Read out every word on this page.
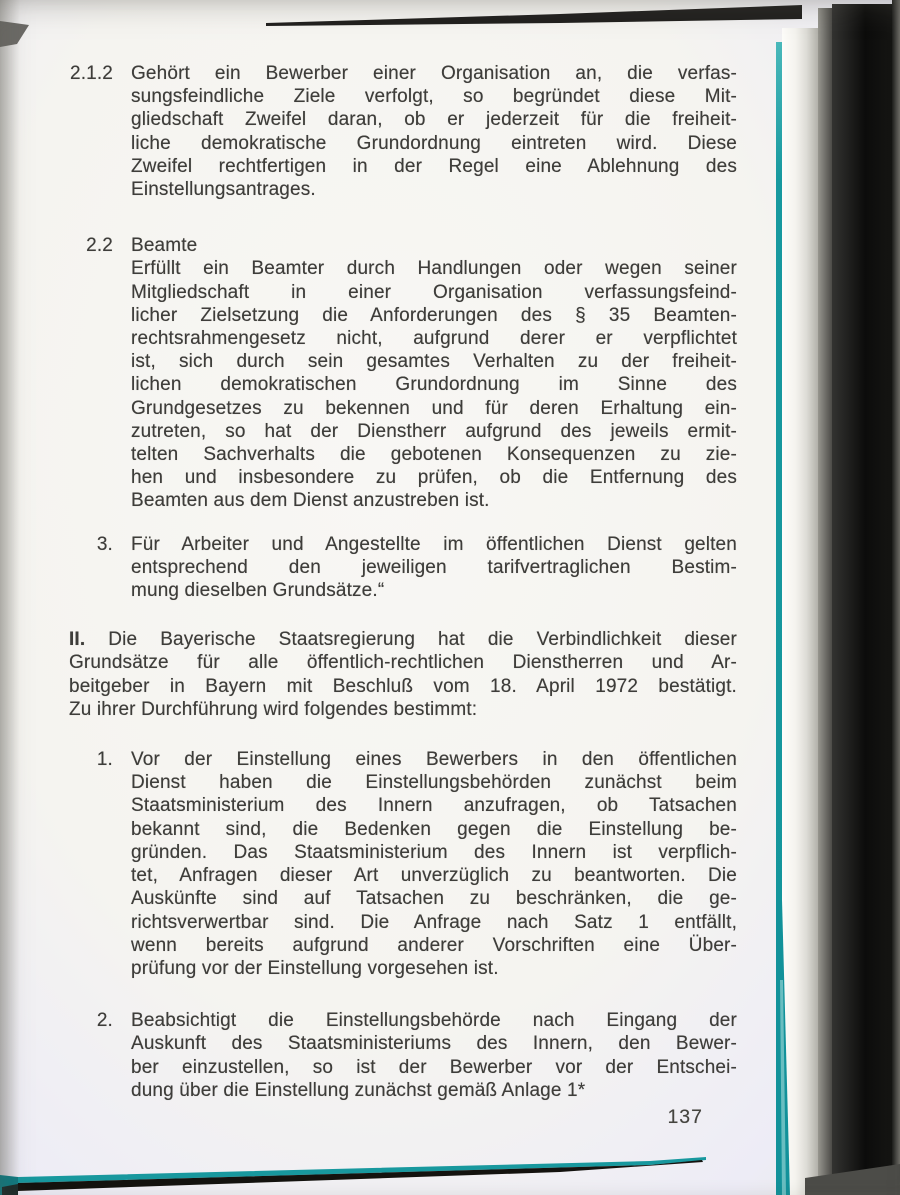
2.1.2 Gehört ein Bewerber einer Organisation an, die verfas-
sungsfeindliche Ziele verfolgt, so begründet diese Mit-
gliedschaft Zweifel daran, ob er jederzeit für die freiheit-
liche demokratische Grundordnung eintreten wird. Diese
Zweifel rechtfertigen in der Regel eine Ablehnung des
Einstellungsantrages.
2.2 Beamte
Erfüllt ein Beamter durch Handlungen oder wegen seiner
Mitgliedschaft in einer Organisation verfassungsfeind-
licher Zielsetzung die Anforderungen des § 35 Beamten-
rechtsrahmengesetz nicht, aufgrund derer er verpflichtet
ist, sich durch sein gesamtes Verhalten zu der freiheit-
lichen demokratischen Grundordnung im Sinne des
Grundgesetzes zu bekennen und für deren Erhaltung ein-
zutreten, so hat der Dienstherr aufgrund des jeweils ermit-
telten Sachverhalts die gebotenen Konsequenzen zu zie-
hen und insbesondere zu prüfen, ob die Entfernung des
Beamten aus dem Dienst anzustreben ist.
3. Für Arbeiter und Angestellte im öffentlichen Dienst gelten
entsprechend den jeweiligen tarifvertraglichen Bestim-
mung dieselben Grundsätze.“
II. Die Bayerische Staatsregierung hat die Verbindlichkeit dieser
Grundsätze für alle öffentlich-rechtlichen Dienstherren und Ar-
beitgeber in Bayern mit Beschluß vom 18. April 1972 bestätigt.
Zu ihrer Durchführung wird folgendes bestimmt:
1. Vor der Einstellung eines Bewerbers in den öffentlichen
Dienst haben die Einstellungsbehörden zunächst beim
Staatsministerium des Innern anzufragen, ob Tatsachen
bekannt sind, die Bedenken gegen die Einstellung be-
gründen. Das Staatsministerium des Innern ist verpflich-
tet, Anfragen dieser Art unverzüglich zu beantworten. Die
Auskünfte sind auf Tatsachen zu beschränken, die ge-
richtsverwertbar sind. Die Anfrage nach Satz 1 entfällt,
wenn bereits aufgrund anderer Vorschriften eine Über-
prüfung vor der Einstellung vorgesehen ist.
2. Beabsichtigt die Einstellungsbehörde nach Eingang der
Auskunft des Staatsministeriums des Innern, den Bewer-
ber einzustellen, so ist der Bewerber vor der Entschei-
dung über die Einstellung zunächst gemäß Anlage 1*
137
